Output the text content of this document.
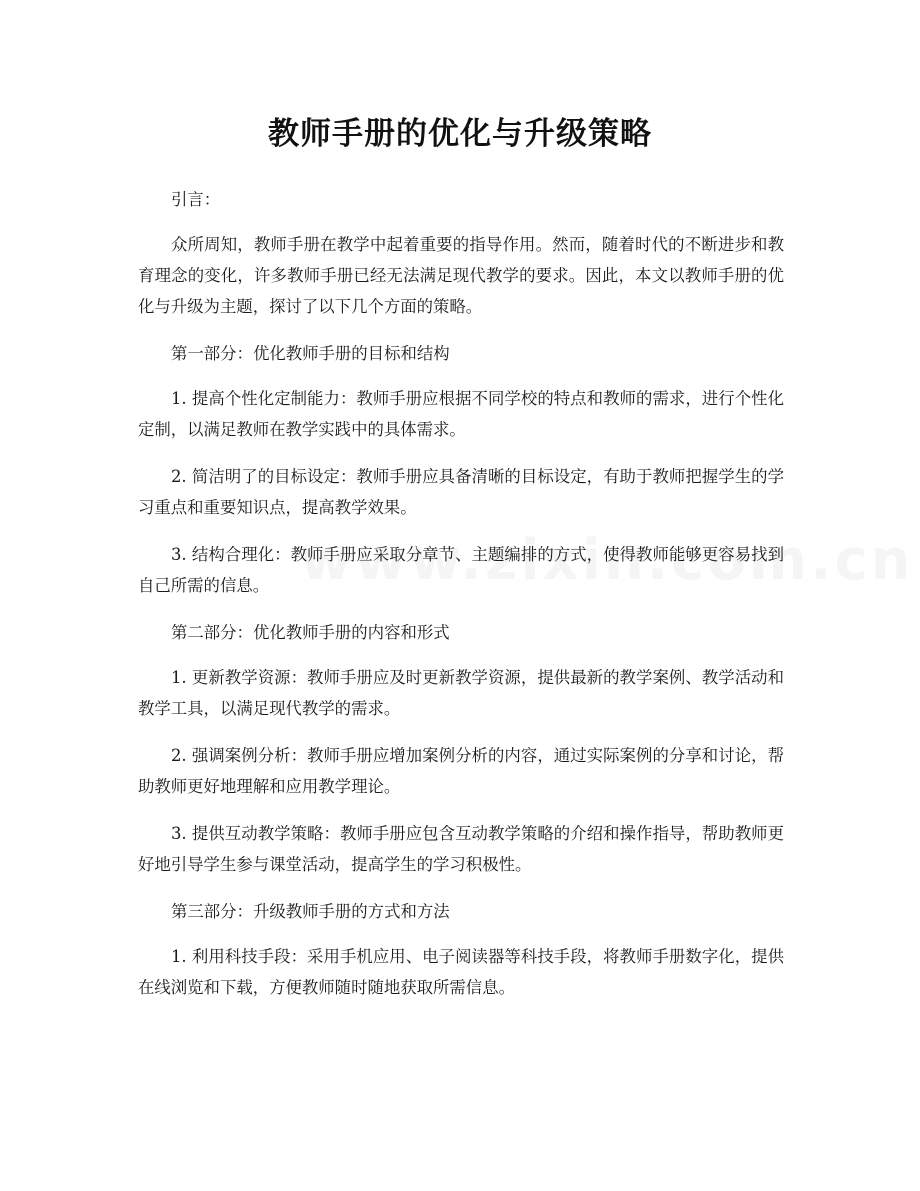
教师手册的优化与升级策略

引言：

众所周知，教师手册在教学中起着重要的指导作用。然而，随着时代的不断进步和教育理念的变化，许多教师手册已经无法满足现代教学的要求。因此，本文以教师手册的优化与升级为主题，探讨了以下几个方面的策略。

第一部分：优化教师手册的目标和结构

1. 提高个性化定制能力：教师手册应根据不同学校的特点和教师的需求，进行个性化定制，以满足教师在教学实践中的具体需求。

2. 简洁明了的目标设定：教师手册应具备清晰的目标设定，有助于教师把握学生的学习重点和重要知识点，提高教学效果。

3. 结构合理化：教师手册应采取分章节、主题编排的方式，使得教师能够更容易找到自己所需的信息。

第二部分：优化教师手册的内容和形式

1. 更新教学资源：教师手册应及时更新教学资源，提供最新的教学案例、教学活动和教学工具，以满足现代教学的需求。

2. 强调案例分析：教师手册应增加案例分析的内容，通过实际案例的分享和讨论，帮助教师更好地理解和应用教学理论。

3. 提供互动教学策略：教师手册应包含互动教学策略的介绍和操作指导，帮助教师更好地引导学生参与课堂活动，提高学生的学习积极性。

第三部分：升级教师手册的方式和方法

1. 利用科技手段：采用手机应用、电子阅读器等科技手段，将教师手册数字化，提供在线浏览和下载，方便教师随时随地获取所需信息。
